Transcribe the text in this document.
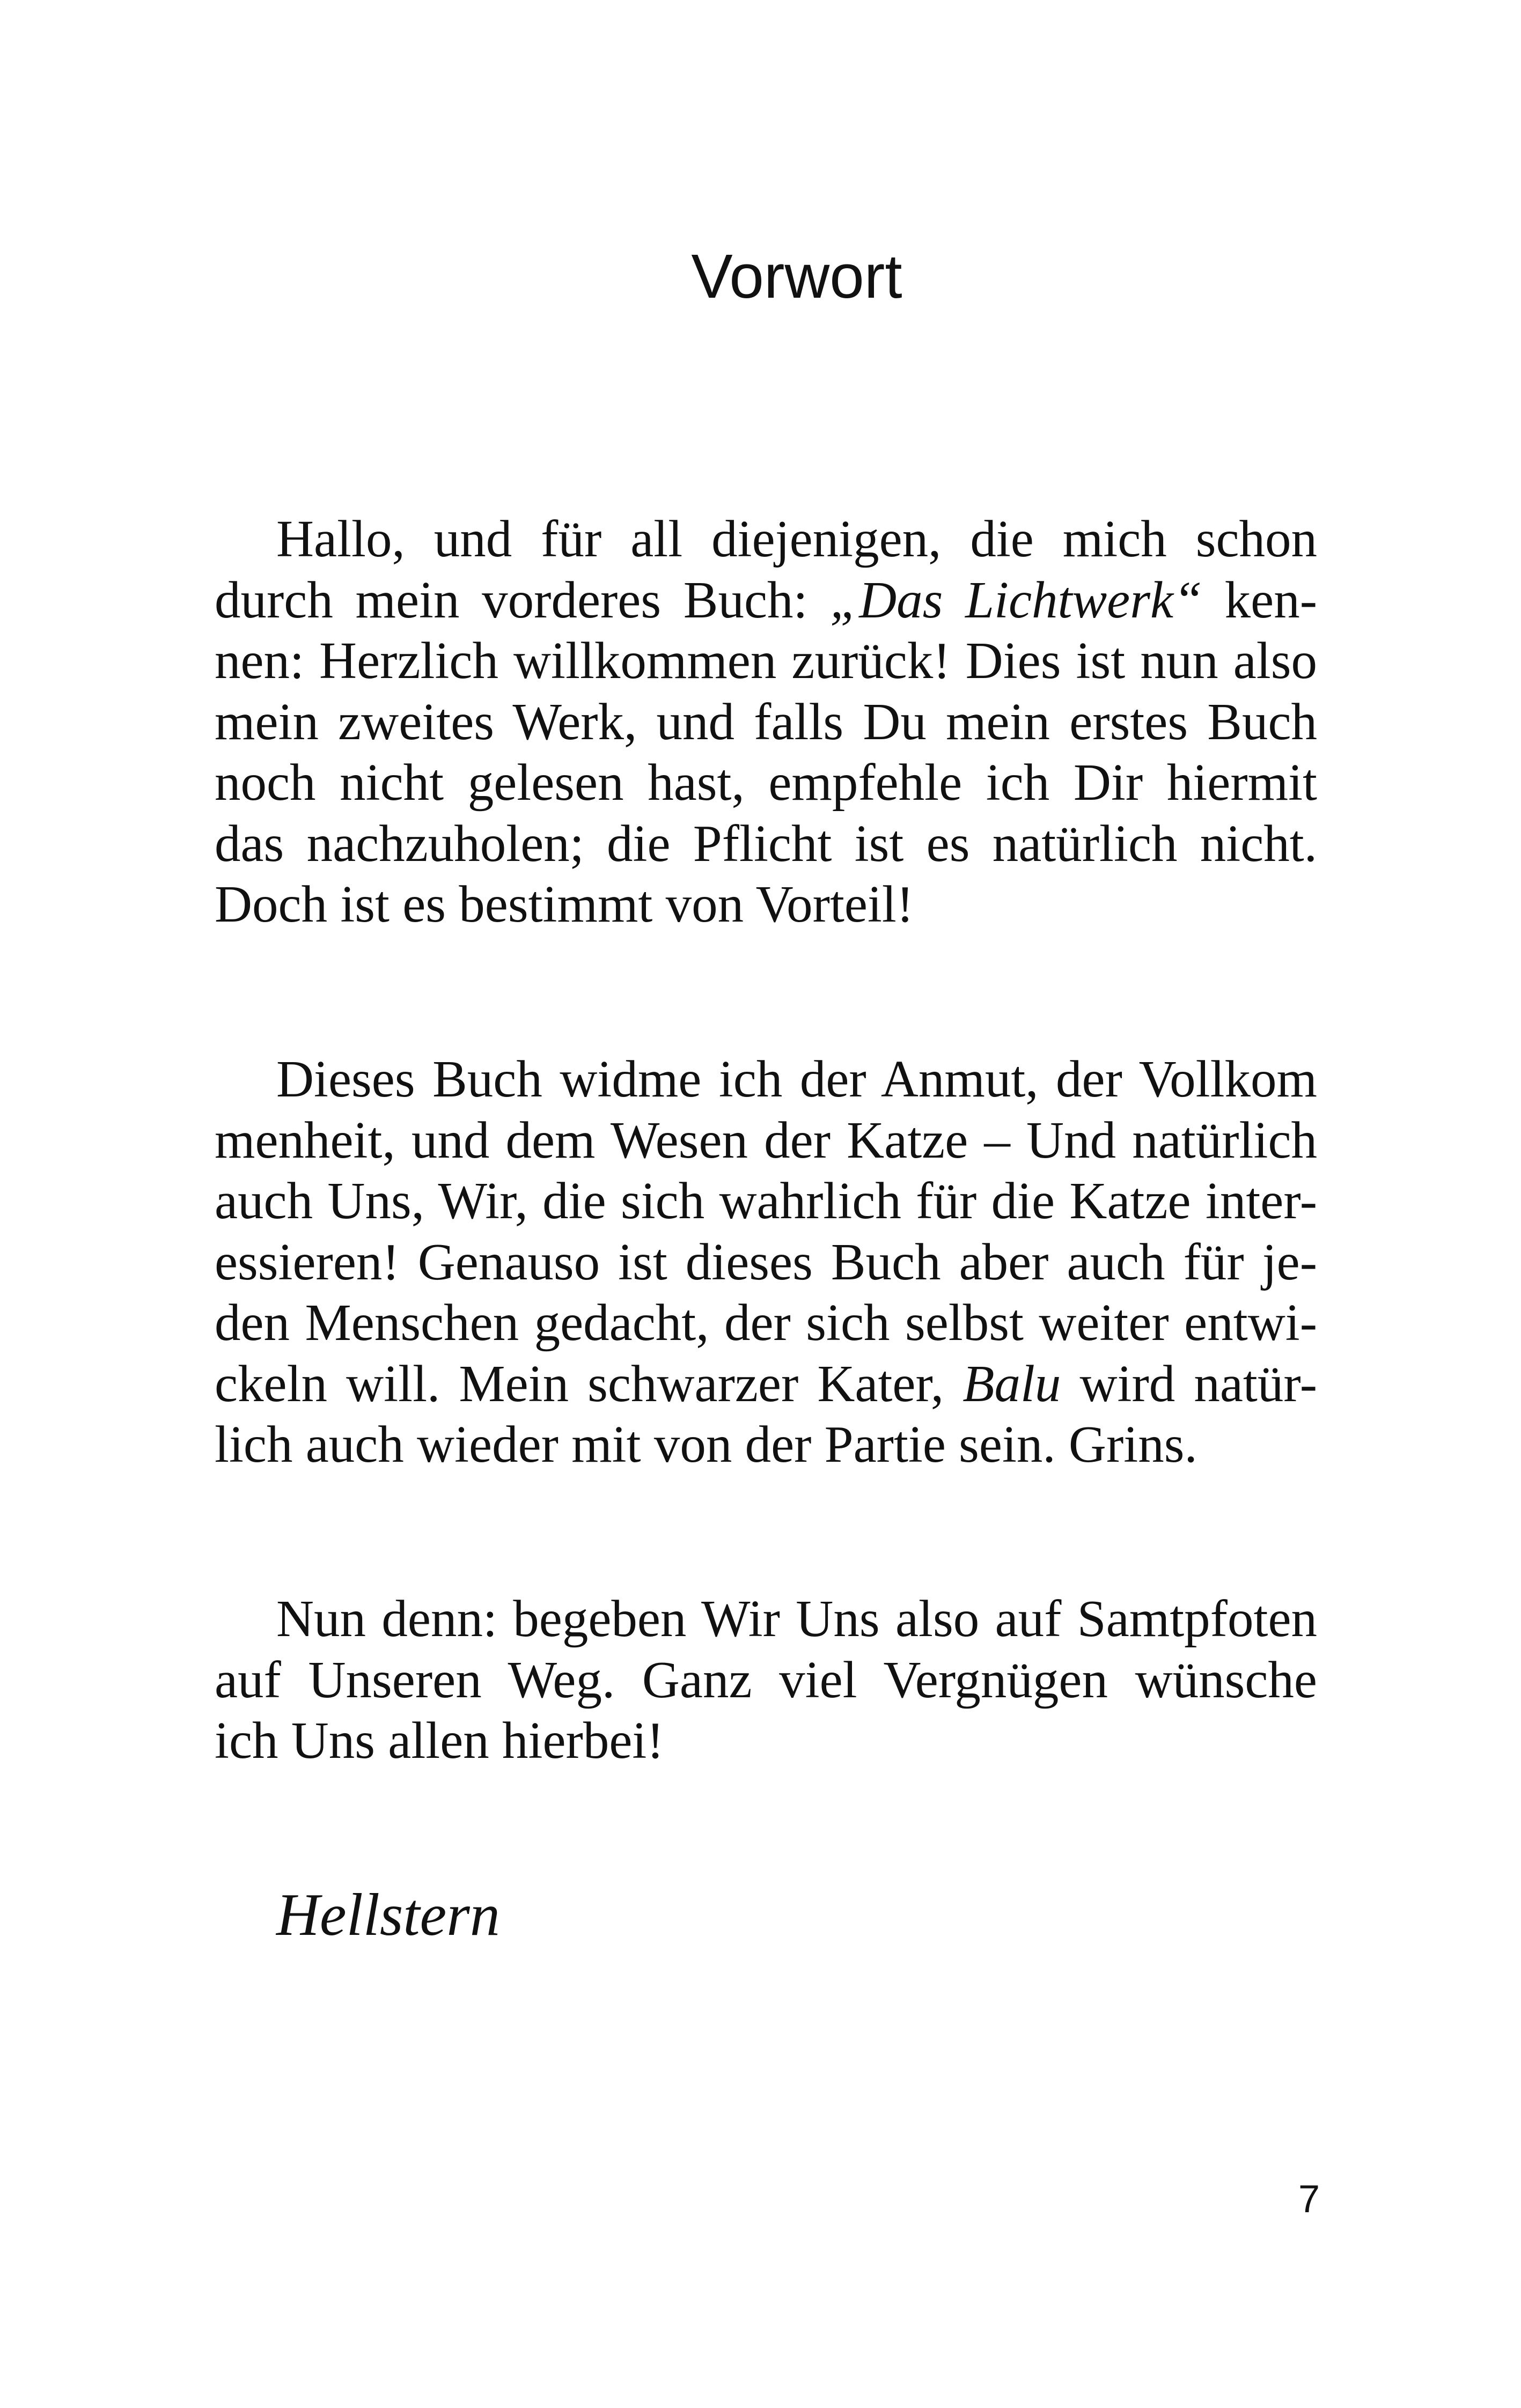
Vorwort
Hallo, und für all diejenigen, die mich schon
durch mein vorderes Buch: „Das Lichtwerk“ ken-
nen: Herzlich willkommen zurück! Dies ist nun also
mein zweites Werk, und falls Du mein erstes Buch
noch nicht gelesen hast, empfehle ich Dir hiermit
das nachzuholen; die Pflicht ist es natürlich nicht.
Doch ist es bestimmt von Vorteil!
Dieses Buch widme ich der Anmut, der Vollkom
menheit, und dem Wesen der Katze – Und natürlich
auch Uns, Wir, die sich wahrlich für die Katze inter-
essieren! Genauso ist dieses Buch aber auch für je-
den Menschen gedacht, der sich selbst weiter entwi-
ckeln will. Mein schwarzer Kater, Balu wird natür-
lich auch wieder mit von der Partie sein. Grins.
Nun denn: begeben Wir Uns also auf Samtpfoten
auf Unseren Weg. Ganz viel Vergnügen wünsche
ich Uns allen hierbei!

Hellstern

7
